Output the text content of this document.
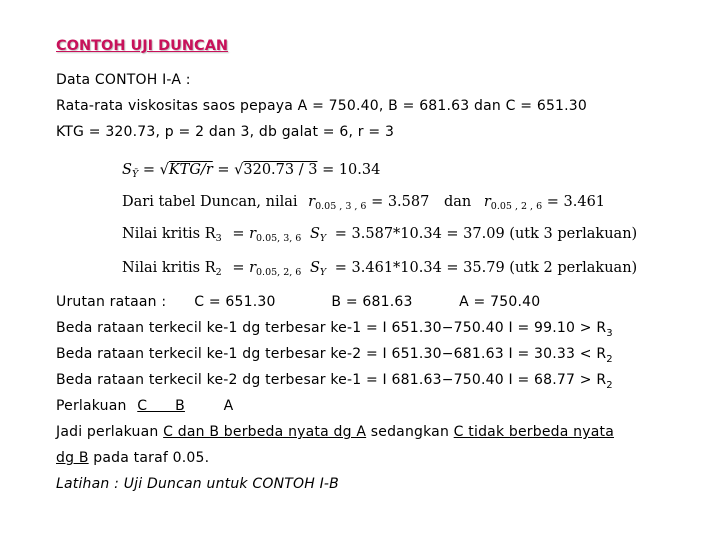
CONTOH UJI DUNCAN
Data CONTOH I-A :
Rata-rata viskositas saos pepaya A = 750.40, B = 681.63 dan C = 651.30
KTG = 320.73, p = 2 dan 3, db galat = 6, r = 3
$S_Ȳ = √KTG/r = √320.73 / 3 = 10.34$
Dari tabel Duncan, nilai $r_{0.05 , 3 , 6} = 3.587$ dan $r_{0.05 , 2 , 6} = 3.461$
Nilai kritis $R_3 = r_{0.05, 3, 6}$ $S_Y = 3.587*10.34 = 37.09$ (utk 3 perlakuan)
Nilai kritis $R_2 = r_{0.05, 2, 6}$ $S_Y = 3.461*10.34 = 35.79$ (utk 2 perlakuan)
Urutan rataan :      C = 651.30            B = 681.63          A = 750.40
Beda rataan terkecil ke-1 dg terbesar ke-1 = I 651.30−750.40 $I = 99.10 > R_3$
Beda rataan terkecil ke-1 dg terbesar ke-2 = I 651.30−681.63 $I = 30.33 < R_2$
Beda rataan terkecil ke-2 dg terbesar ke-1 = I 681.63−750.40 $I = 68.77 > R_2$
Perlakuan C      B	A
Jadi perlakuan C dan B berbeda nyata dg A sedangkan C tidak berbeda nyata
dg B pada taraf 0.05.
Latihan : Uji Duncan untuk CONTOH I-B
